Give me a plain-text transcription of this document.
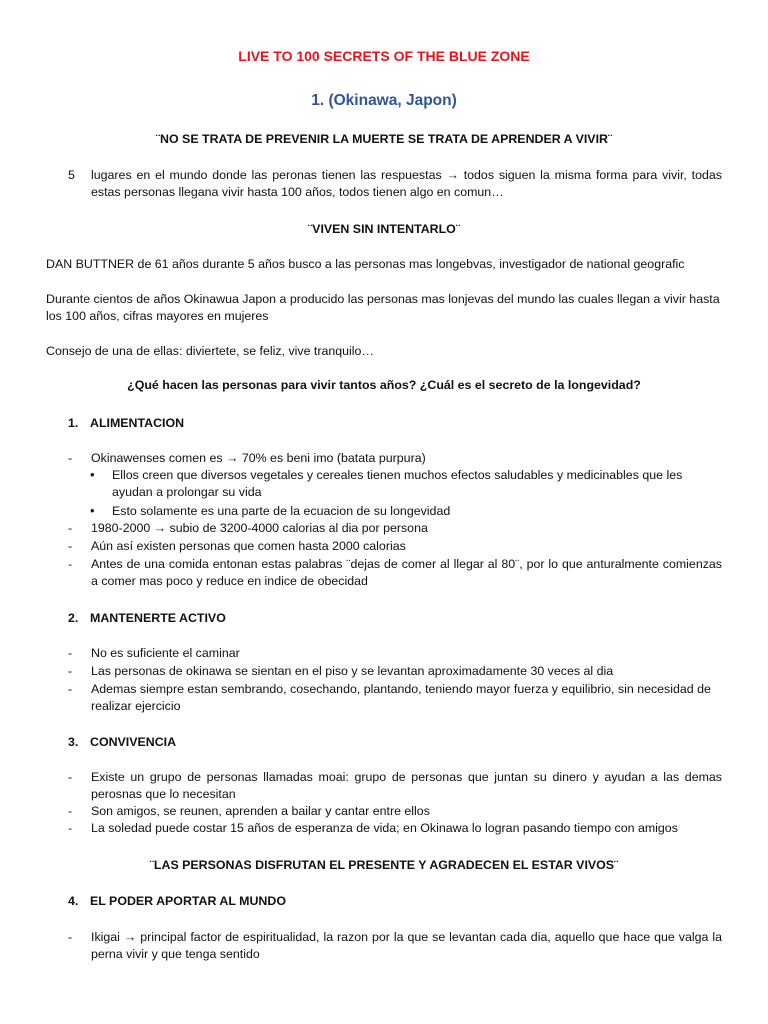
LIVE TO 100 SECRETS OF THE BLUE ZONE
1. (Okinawa, Japon)
¨NO SE TRATA DE PREVENIR LA MUERTE SE TRATA DE APRENDER A VIVIR¨
5 lugares en el mundo donde las peronas tienen las respuestas → todos siguen la misma forma para vivir, todas estas personas llegana vivir hasta 100 años, todos tienen algo en comun…
¨VIVEN SIN INTENTARLO¨
DAN BUTTNER de 61 años durante 5 años busco a las personas mas longebvas, investigador de national geografic
Durante cientos de años Okinawua Japon a producido las personas mas lonjevas del mundo las cuales llegan a vivir hasta los 100 años, cifras mayores en mujeres
Consejo de una de ellas: diviertete, se feliz, vive tranquilo…
¿Qué hacen las personas para vivir tantos años? ¿Cuál es el secreto de la longevidad?
1. ALIMENTACION
- Okinawenses comen es → 70% es beni imo (batata purpura)
• Ellos creen que diversos vegetales y cereales tienen muchos efectos saludables y medicinables que les ayudan a prolongar su vida
• Esto solamente es una parte de la ecuacion de su longevidad
- 1980-2000 → subio de 3200-4000 calorias al dia por persona
- Aún así existen personas que comen hasta 2000 calorias
- Antes de una comida entonan estas palabras ¨dejas de comer al llegar al 80¨, por lo que anturalmente comienzas a comer mas poco y reduce en indice de obecidad
2. MANTENERTE ACTIVO
- No es suficiente el caminar
- Las personas de okinawa se sientan en el piso y se levantan aproximadamente 30 veces al dia
- Ademas siempre estan sembrando, cosechando, plantando, teniendo mayor fuerza y equilibrio, sin necesidad de realizar ejercicio
3. CONVIVENCIA
- Existe un grupo de personas llamadas moai: grupo de personas que juntan su dinero y ayudan a las demas perosnas que lo necesitan
- Son amigos, se reunen, aprenden a bailar y cantar entre ellos
- La soledad puede costar 15 años de esperanza de vida; en Okinawa lo logran pasando tiempo con amigos
¨LAS PERSONAS DISFRUTAN EL PRESENTE Y AGRADECEN EL ESTAR VIVOS¨
4. EL PODER APORTAR AL MUNDO
- Ikigai → principal factor de espiritualidad, la razon por la que se levantan cada dia, aquello que hace que valga la perna vivir y que tenga sentido
